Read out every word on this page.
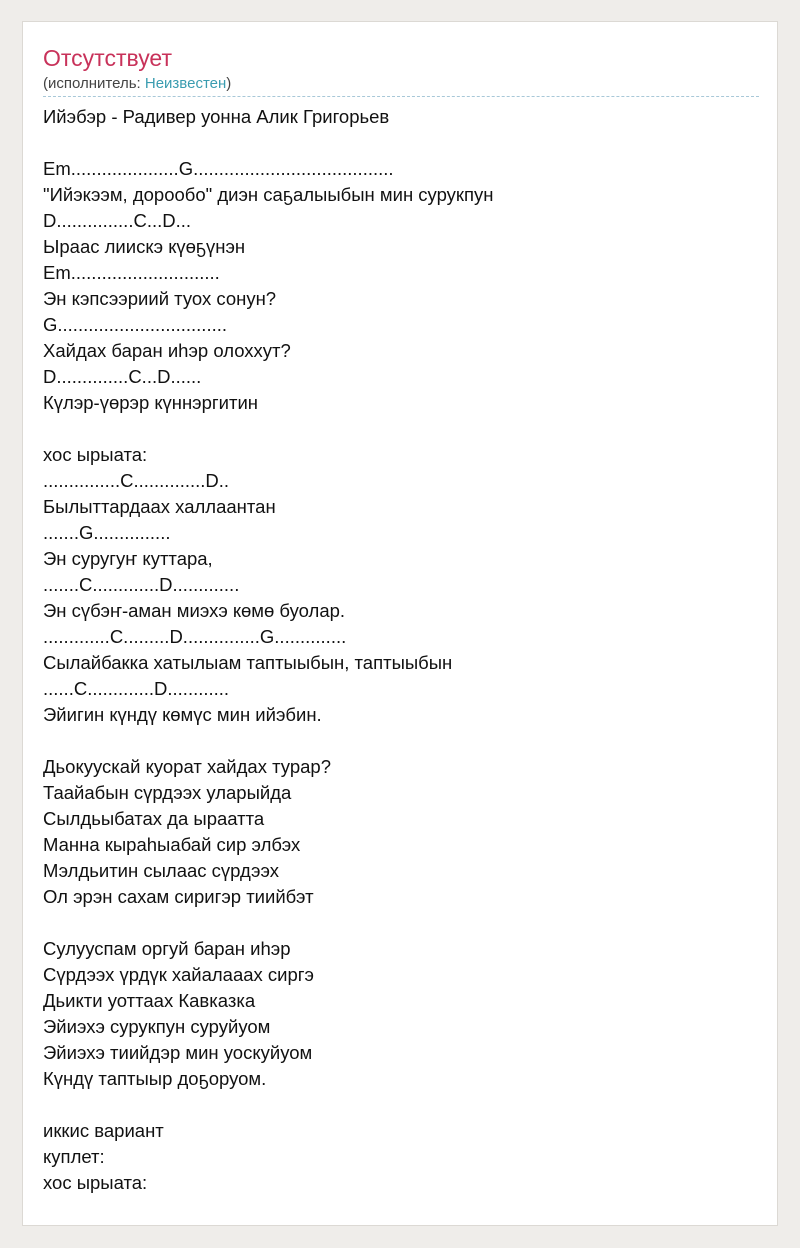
Отсутствует
(исполнитель: Неизвестен)
Ийэбэр - Радивер уонна Алик Григорьев
Em.....................G.......................................
"Ийэкээм, дорообо" диэн саҕалыыбын мин сурукпун
D...............C...D...
Ыраас лиискэ күөҕүнэн
Em.............................
Эн кэпсээриий туох сонун?
G.................................
Хайдах баран иһэр олоххут?
D..............C...D......
Күлэр-үөрэр күннэргитин
хос ырыата:
...............C..............D..
Былыттардаах халлаантан
.......G...............
Эн суругуҥ куттара,
.......C.............D.............
Эн сүбэҥ-аман миэхэ көмө буолар.
.............C.........D...............G..............
Сылайбакка хатылыам таптыыбын, таптыыбын
......C.............D............
Эйигин күндү көмүс мин ийэбин.
Дьокуускай куорат хайдах турар?
Таайабын сүрдээх уларыйда
Сылдьыбатах да ыраатта
Манна кыраһыабай сир элбэх
Мэлдьитин сылаас сүрдээх
Ол эрэн сахам сиригэр тиийбэт
Сулууспам оргуй баран иһэр
Сүрдээх үрдүк хайалааах сиргэ
Дьикти уоттаах Кавказка
Эйиэхэ сурукпун суруйуом
Эйиэхэ тиийдэр мин уоскуйуом
Күндү таптыыр доҕоруом.
иккис вариант
куплет:
хос ырыата:
